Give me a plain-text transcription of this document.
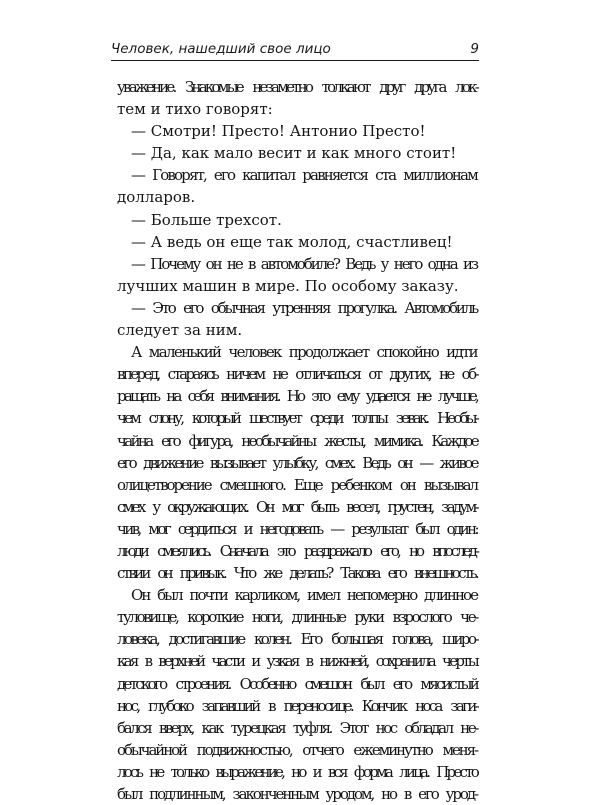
Человек, нашедший свое лицо	9
уважение. Знакомые незаметно толкают друг друга лок-
тем и тихо говорят:
— Смотри! Престо! Антонио Престо!
— Да, как мало весит и как много стоит!
— Говорят, его капитал равняется ста миллионам
долларов.
— Больше трехсот.
— А ведь он еще так молод, счастливец!
— Почему он не в автомобиле? Ведь у него одна из
лучших машин в мире. По особому заказу.
— Это его обычная утренняя прогулка. Автомобиль
следует за ним.
А маленький человек продолжает спокойно идти
вперед, стараясь ничем не отличаться от других, не об-
ращать на себя внимания. Но это ему удается не лучше,
чем слону, который шествует среди толпы зевак. Необы-
чайна его фигура, необычайны жесты, мимика. Каждое
его движение вызывает улыбку, смех. Ведь он — живое
олицетворение смешного. Еще ребенком он вызывал
смех у окружающих. Он мог быть весел, грустен, задум-
чив, мог сердиться и негодовать — результат был один:
люди смеялись. Сначала это раздражало его, но впослед-
ствии он привык. Что же делать? Такова его внешность.
Он был почти карликом, имел непомерно длинное
туловище, короткие ноги, длинные руки взрослого че-
ловека, достигавшие колен. Его большая голова, широ-
кая в верхней части и узкая в нижней, сохранила черты
детского строения. Особенно смешон был его мясистый
нос, глубоко запавший в переносице. Кончик носа заги-
бался вверх, как турецкая туфля. Этот нос обладал не-
обычайной подвижностью, отчего ежеминутно меня-
лось не только выражение, но и вся форма лица. Престо
был подлинным, законченным уродом, но в его урод-
